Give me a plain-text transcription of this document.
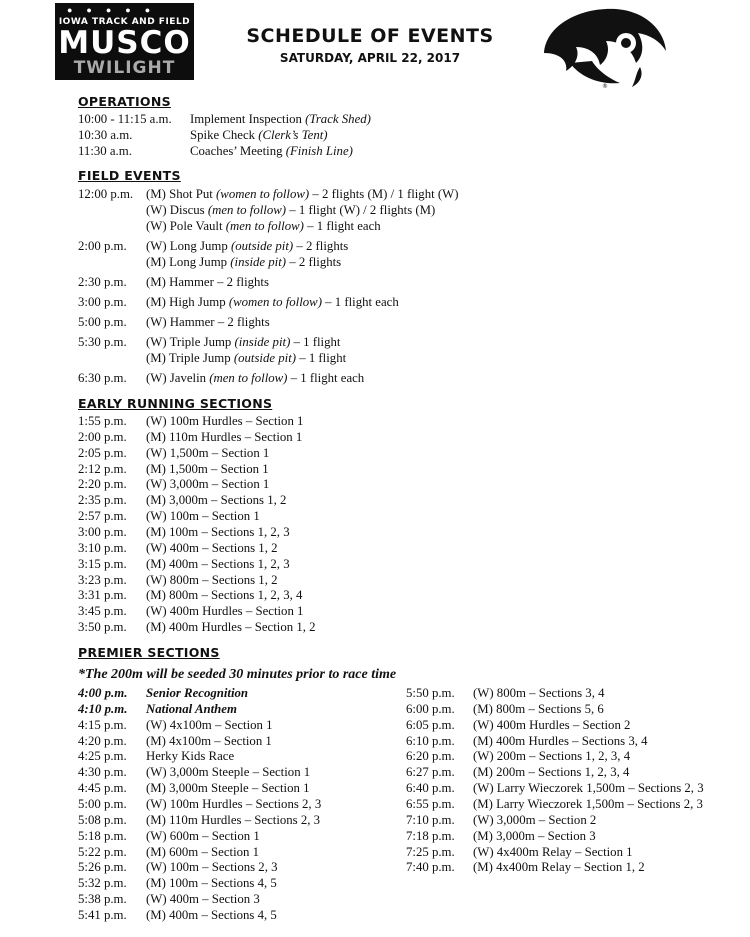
●●●●●
IOWA TRACK AND FIELD
MUSCO
TWILIGHT
SCHEDULE OF EVENTS
SATURDAY, APRIL 22, 2017
®
OPERATIONS
10:00 - 11:15 a.m. Implement Inspection (Track Shed)
10:30 a.m.	Spike Check (Clerk’s Tent)
11:30 a.m.	Coaches’ Meeting (Finish Line)
FIELD EVENTS
12:00 p.m. (M) Shot Put (women to follow) – 2 flights (M) / 1 flight (W)
(W) Discus (men to follow) – 1 flight (W) / 2 flights (M)
(W) Pole Vault (men to follow) – 1 flight each
2:00 p.m. (W) Long Jump (outside pit) – 2 flights
(M) Long Jump (inside pit) – 2 flights
2:30 p.m. (M) Hammer – 2 flights
3:00 p.m. (M) High Jump (women to follow) – 1 flight each
5:00 p.m. (W) Hammer – 2 flights
5:30 p.m. (W) Triple Jump (inside pit) – 1 flight
(M) Triple Jump (outside pit) – 1 flight
6:30 p.m. (W) Javelin (men to follow) – 1 flight each
EARLY RUNNING SECTIONS
1:55 p.m. (W) 100m Hurdles – Section 1
2:00 p.m. (M) 110m Hurdles – Section 1
2:05 p.m. (W) 1,500m – Section 1
2:12 p.m. (M) 1,500m – Section 1
2:20 p.m. (W) 3,000m – Section 1
2:35 p.m. (M) 3,000m – Sections 1, 2
2:57 p.m. (W) 100m – Section 1
3:00 p.m. (M) 100m – Sections 1, 2, 3
3:10 p.m. (W) 400m – Sections 1, 2
3:15 p.m. (M) 400m – Sections 1, 2, 3
3:23 p.m. (W) 800m – Sections 1, 2
3:31 p.m. (M) 800m – Sections 1, 2, 3, 4
3:45 p.m. (W) 400m Hurdles – Section 1
3:50 p.m. (M) 400m Hurdles – Section 1, 2
PREMIER SECTIONS
*The 200m will be seeded 30 minutes prior to race time
4:00 p.m. Senior Recognition
4:10 p.m. National Anthem
4:15 p.m. (W) 4x100m – Section 1
4:20 p.m. (M) 4x100m – Section 1
4:25 p.m. Herky Kids Race
4:30 p.m. (W) 3,000m Steeple – Section 1
4:45 p.m. (M) 3,000m Steeple – Section 1
5:00 p.m. (W) 100m Hurdles – Sections 2, 3
5:08 p.m. (M) 110m Hurdles – Sections 2, 3
5:18 p.m. (W) 600m – Section 1
5:22 p.m. (M) 600m – Section 1
5:26 p.m. (W) 100m – Sections 2, 3
5:32 p.m. (M) 100m – Sections 4, 5
5:38 p.m. (W) 400m – Section 3
5:41 p.m. (M) 400m – Sections 4, 5
5:50 p.m. (W) 800m – Sections 3, 4
6:00 p.m. (M) 800m – Sections 5, 6
6:05 p.m. (W) 400m Hurdles – Section 2
6:10 p.m. (M) 400m Hurdles – Sections 3, 4
6:20 p.m. (W) 200m – Sections 1, 2, 3, 4
6:27 p.m. (M) 200m – Sections 1, 2, 3, 4
6:40 p.m. (W) Larry Wieczorek 1,500m – Sections 2, 3
6:55 p.m. (M) Larry Wieczorek 1,500m – Sections 2, 3
7:10 p.m. (W) 3,000m – Section 2
7:18 p.m. (M) 3,000m – Section 3
7:25 p.m. (W) 4x400m Relay – Section 1
7:40 p.m. (M) 4x400m Relay – Section 1, 2
